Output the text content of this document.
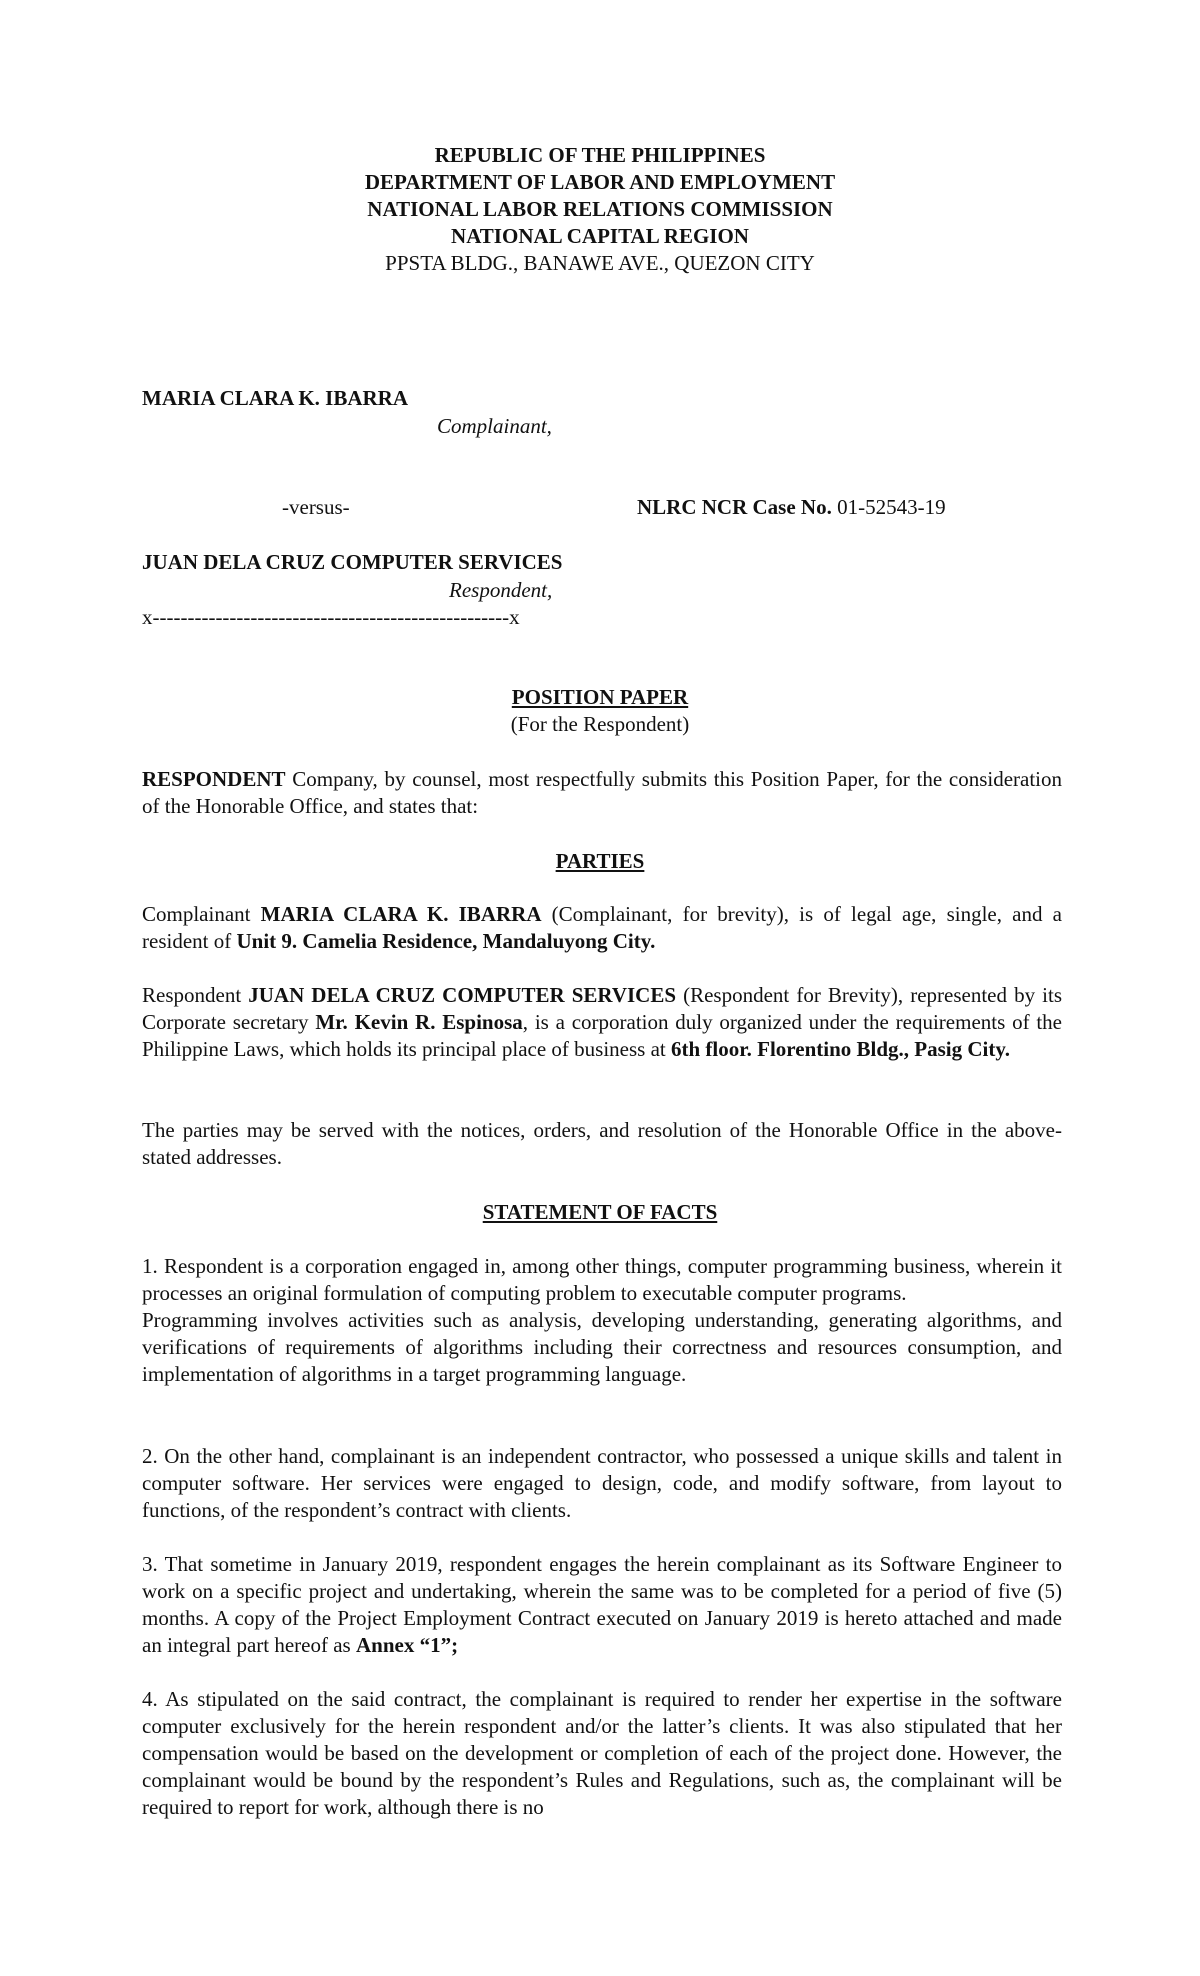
REPUBLIC OF THE PHILIPPINES
DEPARTMENT OF LABOR AND EMPLOYMENT
NATIONAL LABOR RELATIONS COMMISSION
NATIONAL CAPITAL REGION
PPSTA BLDG., BANAWE AVE., QUEZON CITY
MARIA CLARA K. IBARRA
Complainant,
-versus-	NLRC NCR Case No. 01-52543-19
JUAN DELA CRUZ COMPUTER SERVICES
Respondent,
x---------------------------------------------------x
POSITION PAPER
(For the Respondent)

RESPONDENT Company, by counsel, most respectfully submits this Position Paper, for the consideration of the Honorable Office, and states that:

PARTIES

Complainant MARIA CLARA K. IBARRA (Complainant, for brevity), is of legal age, single, and a resident of Unit 9. Camelia Residence, Mandaluyong City.

Respondent JUAN DELA CRUZ COMPUTER SERVICES (Respondent for Brevity), represented by its Corporate secretary Mr. Kevin R. Espinosa, is a corporation duly organized under the requirements of the Philippine Laws, which holds its principal place of business at 6th floor. Florentino Bldg., Pasig City.

The parties may be served with the notices, orders, and resolution of the Honorable Office in the above-stated addresses.

STATEMENT OF FACTS

1. Respondent is a corporation engaged in, among other things, computer programming business, wherein it processes an original formulation of computing problem to executable computer programs.

Programming involves activities such as analysis, developing understanding, generating algorithms, and verifications of requirements of algorithms including their correctness and resources consumption, and implementation of algorithms in a target programming language.

2. On the other hand, complainant is an independent contractor, who possessed a unique skills and talent in computer software. Her services were engaged to design, code, and modify software, from layout to functions, of the respondent’s contract with clients.

3. That sometime in January 2019, respondent engages the herein complainant as its Software Engineer to work on a specific project and undertaking, wherein the same was to be completed for a period of five (5) months. A copy of the Project Employment Contract executed on January 2019 is hereto attached and made an integral part hereof as Annex “1”;

4. As stipulated on the said contract, the complainant is required to render her expertise in the software computer exclusively for the herein respondent and/or the latter’s clients. It was also stipulated that her compensation would be based on the development or completion of each of the project done. However, the complainant would be bound by the respondent’s Rules and Regulations, such as, the complainant will be required to report for work, although there is no
